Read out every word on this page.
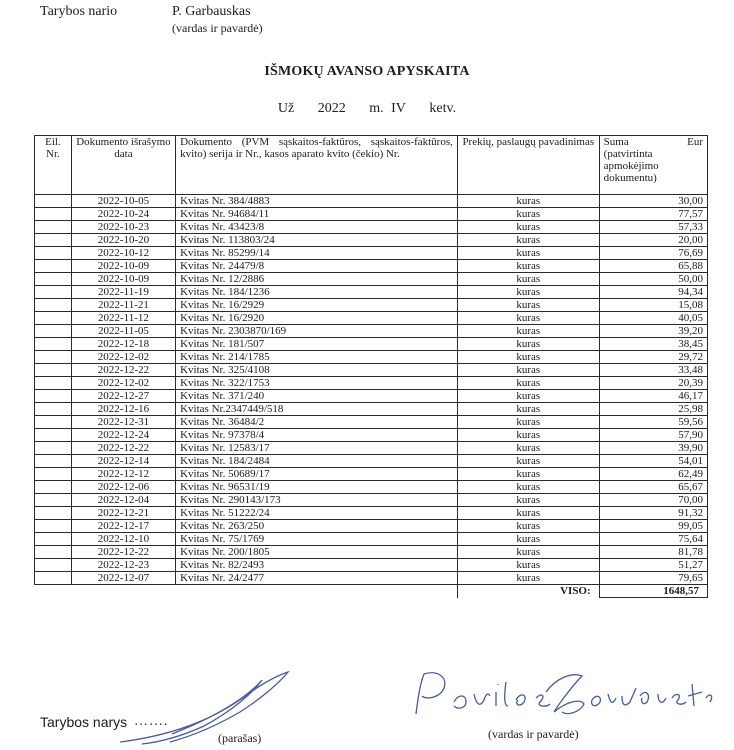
Tarybos nario	P. Garbauskas
(vardas ir pavardė)
IŠMOKŲ AVANSO APYSKAITA
Už 2022 m. IV ketv.
Eil. Nr.	Dokumento išrašymo data	Dokumento (PVM sąskaitos-faktūros, sąskaitos-faktūros, kvito) serija ir Nr., kasos aparato kvito (čekio) Nr.	Prekių, paslaugų pavadinimas	Suma Eur
(patvirtinta apmokėjimo dokumentu)

	2022-10-05	Kvitas Nr. 384/4883	kuras	30,00
	2022-10-24	Kvitas Nr. 94684/11	kuras	77,57
	2022-10-23	Kvitas Nr. 43423/8	kuras	57,33
	2022-10-20	Kvitas Nr. 113803/24	kuras	20,00
	2022-10-12	Kvitas Nr. 85299/14	kuras	76,69
	2022-10-09	Kvitas Nr. 24479/8	kuras	65,88
	2022-10-09	Kvitas Nr. 12/2886	kuras	50,00
	2022-11-19	Kvitas Nr. 184/1236	kuras	94,34
	2022-11-21	Kvitas Nr. 16/2929	kuras	15,08
	2022-11-12	Kvitas Nr. 16/2920	kuras	40,05
	2022-11-05	Kvitas Nr. 2303870/169	kuras	39,20
	2022-12-18	Kvitas Nr. 181/507	kuras	38,45
	2022-12-02	Kvitas Nr. 214/1785	kuras	29,72
	2022-12-22	Kvitas Nr. 325/4108	kuras	33,48
	2022-12-02	Kvitas Nr. 322/1753	kuras	20,39
	2022-12-27	Kvitas Nr. 371/240	kuras	46,17
	2022-12-16	Kvitas Nr.2347449/518	kuras	25,98
	2022-12-31	Kvitas Nr. 36484/2	kuras	59,56
	2022-12-24	Kvitas Nr. 97378/4	kuras	57,90
	2022-12-22	Kvitas Nr. 12583/17	kuras	39,90
	2022-12-14	Kvitas Nr. 184/2484	kuras	54,01
	2022-12-12	Kvitas Nr. 50689/17	kuras	62,49
	2022-12-06	Kvitas Nr. 96531/19	kuras	65,67
	2022-12-04	Kvitas Nr. 290143/173	kuras	70,00
	2022-12-21	Kvitas Nr. 51222/24	kuras	91,32
	2022-12-17	Kvitas Nr. 263/250	kuras	99,05
	2022-12-10	Kvitas Nr. 75/1769	kuras	75,64
	2022-12-22	Kvitas Nr. 200/1805	kuras	81,78
	2022-12-23	Kvitas Nr. 82/2493	kuras	51,27
	2022-12-07	Kvitas Nr. 24/2477	kuras	79,65
			VISO:	1648,57
Tarybos narys …….
(parašas)	(vardas ir pavardė)
